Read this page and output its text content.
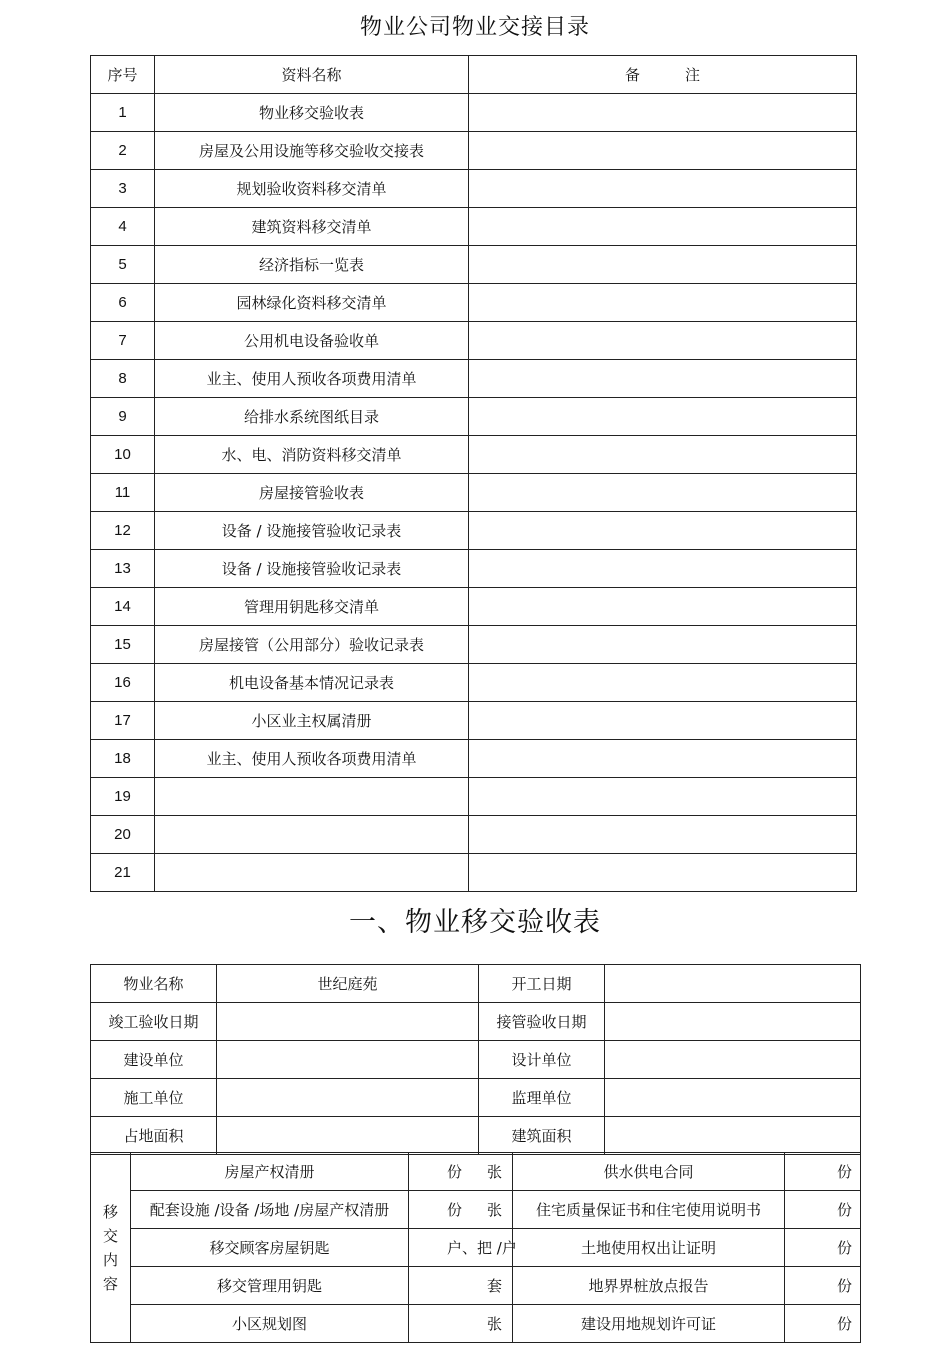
物业公司物业交接目录
序号	资料名称	备　　　注
1	物业移交验收表	
2	房屋及公用设施等移交验收交接表	
3	规划验收资料移交清单	
4	建筑资料移交清单	
5	经济指标一览表	
6	园林绿化资料移交清单	
7	公用机电设备验收单	
8	业主、使用人预收各项费用清单	
9	给排水系统图纸目录	
10	水、电、消防资料移交清单	
11	房屋接管验收表	
12	设备 / 设施接管验收记录表	
13	设备 / 设施接管验收记录表	
14	管理用钥匙移交清单	
15	房屋接管（公用部分）验收记录表	
16	机电设备基本情况记录表	
17	小区业主权属清册	
18	业主、使用人预收各项费用清单	
19		
20		
21		
一、物业移交验收表
物业名称	世纪庭苑	开工日期	
竣工验收日期		接管验收日期	
建设单位		设计单位	
施工单位		监理单位	
占地面积		建筑面积	
移
交
内
容	房屋产权清册	份 张	供水供电合同	份
	配套设施 /设备 /场地 /房屋产权清册	份 张	住宅质量保证书和住宅使用说明书	份
	移交顾客房屋钥匙	户、 把 /户	土地使用权出让证明	份
	移交管理用钥匙	套	地界界桩放点报告	份
	小区规划图	张	建设用地规划许可证	份
